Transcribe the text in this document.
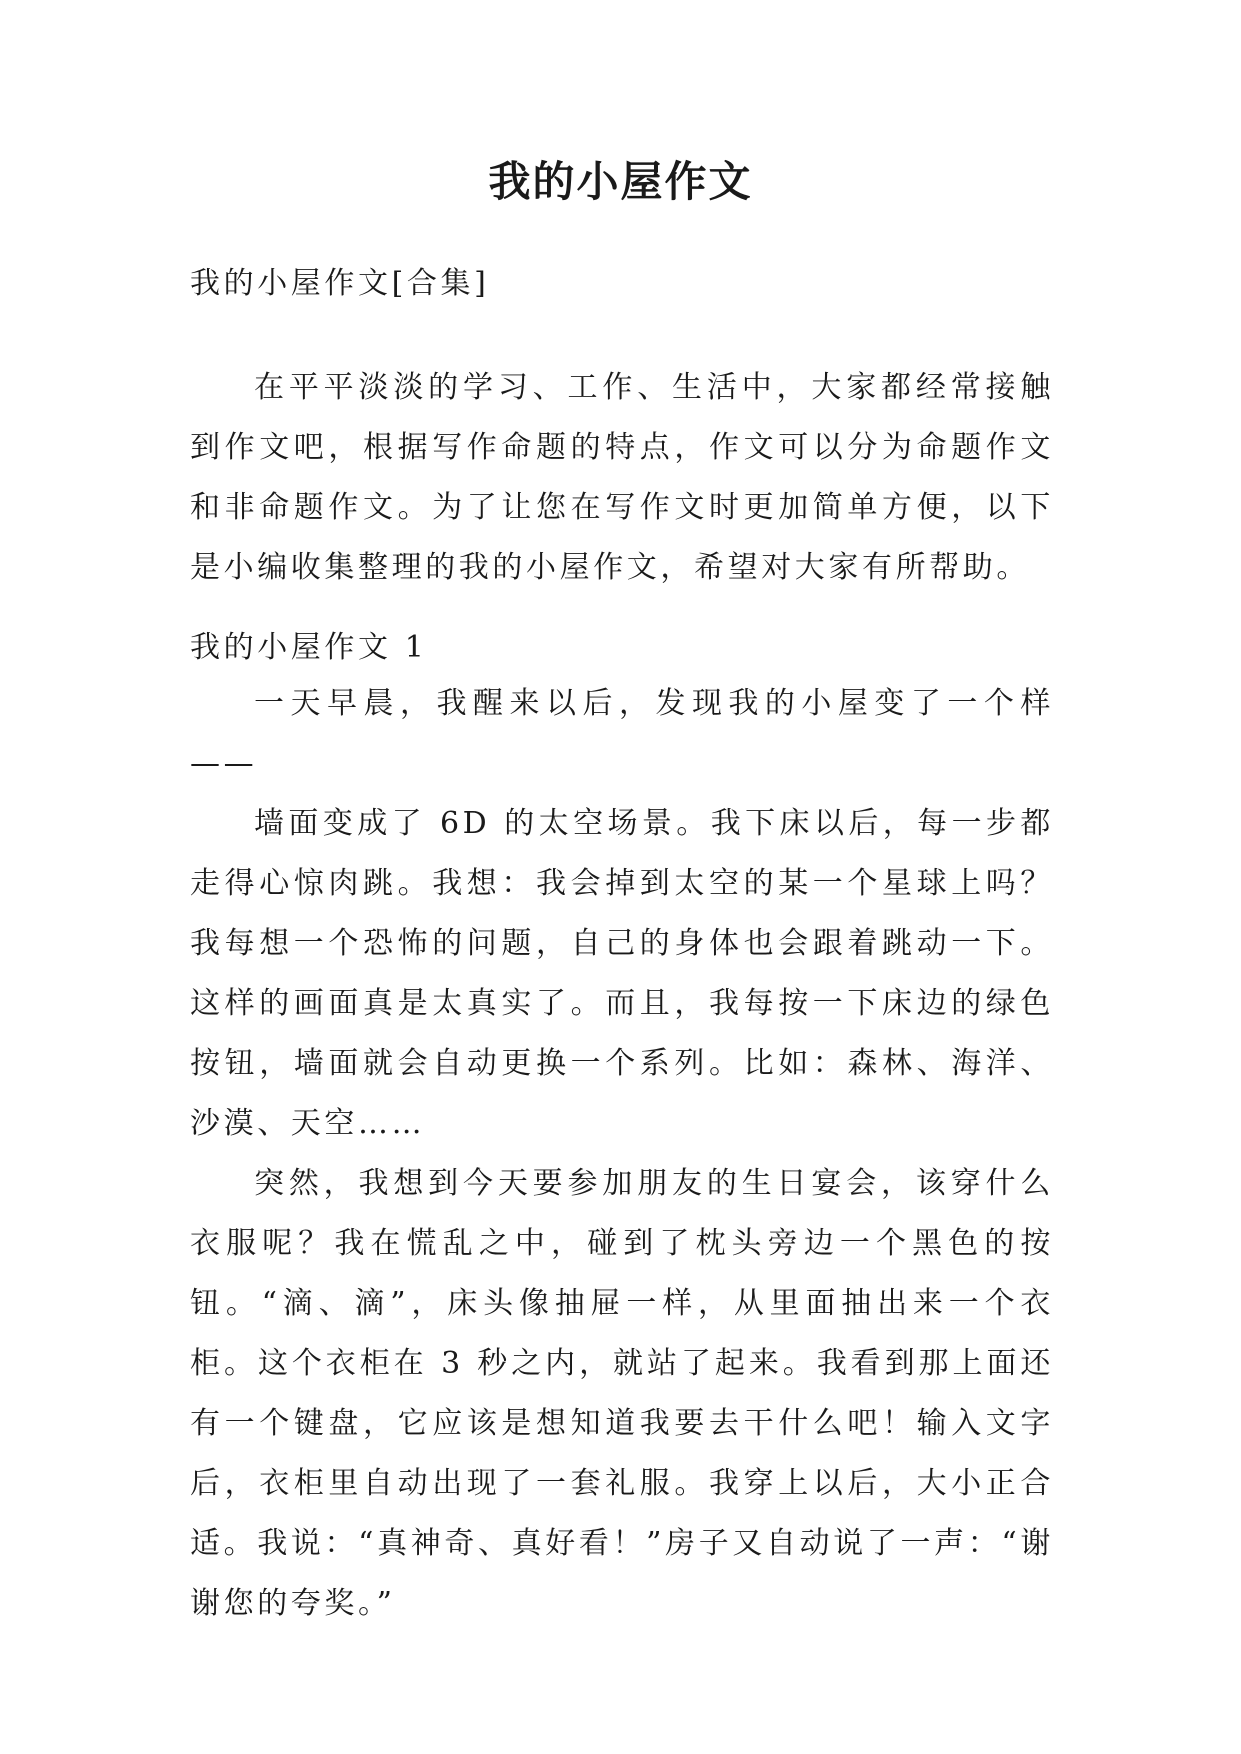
我的小屋作文

我的小屋作文[合集]

在平平淡淡的学习、工作、生活中，大家都经常接触到作文吧，根据写作命题的特点，作文可以分为命题作文和非命题作文。为了让您在写作文时更加简单方便，以下是小编收集整理的我的小屋作文，希望对大家有所帮助。

我的小屋作文 1

一天早晨，我醒来以后，发现我的小屋变了一个样——

墙面变成了 6D 的太空场景。我下床以后，每一步都走得心惊肉跳。我想：我会掉到太空的某一个星球上吗？我每想一个恐怖的问题，自己的身体也会跟着跳动一下。这样的画面真是太真实了。而且，我每按一下床边的绿色按钮，墙面就会自动更换一个系列。比如：森林、海洋、沙漠、天空……

突然，我想到今天要参加朋友的生日宴会，该穿什么衣服呢？我在慌乱之中，碰到了枕头旁边一个黑色的按钮。“滴、滴”，床头像抽屉一样，从里面抽出来一个衣柜。这个衣柜在 3 秒之内，就站了起来。我看到那上面还有一个键盘，它应该是想知道我要去干什么吧！输入文字后，衣柜里自动出现了一套礼服。我穿上以后，大小正合适。我说：“真神奇、真好看！”房子又自动说了一声：“谢谢您的夸奖。”
